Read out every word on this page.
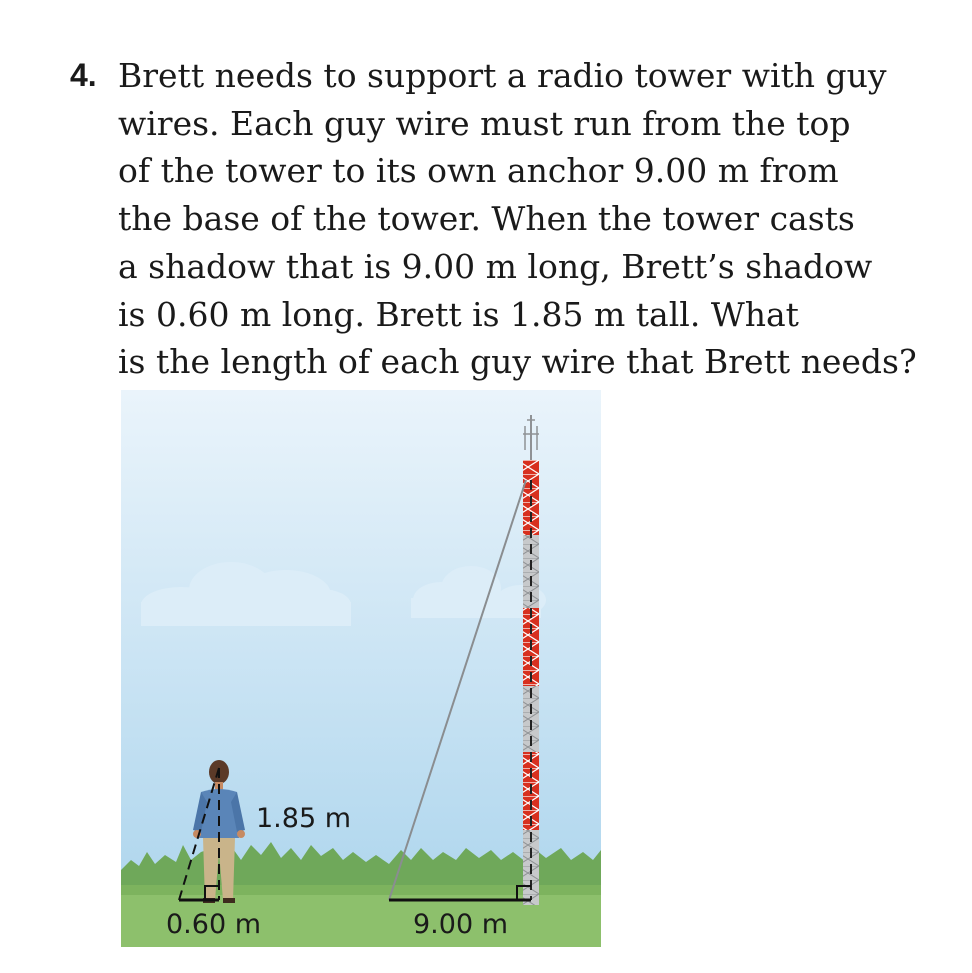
4. Brett needs to support a radio tower with guy
wires. Each guy wire must run from the top
of the tower to its own anchor 9.00 m from
the base of the tower. When the tower casts
a shadow that is 9.00 m long, Brett’s shadow
is 0.60 m long. Brett is 1.85 m tall. What
is the length of each guy wire that Brett needs?
1.85 m
0.60 m	9.00 m
